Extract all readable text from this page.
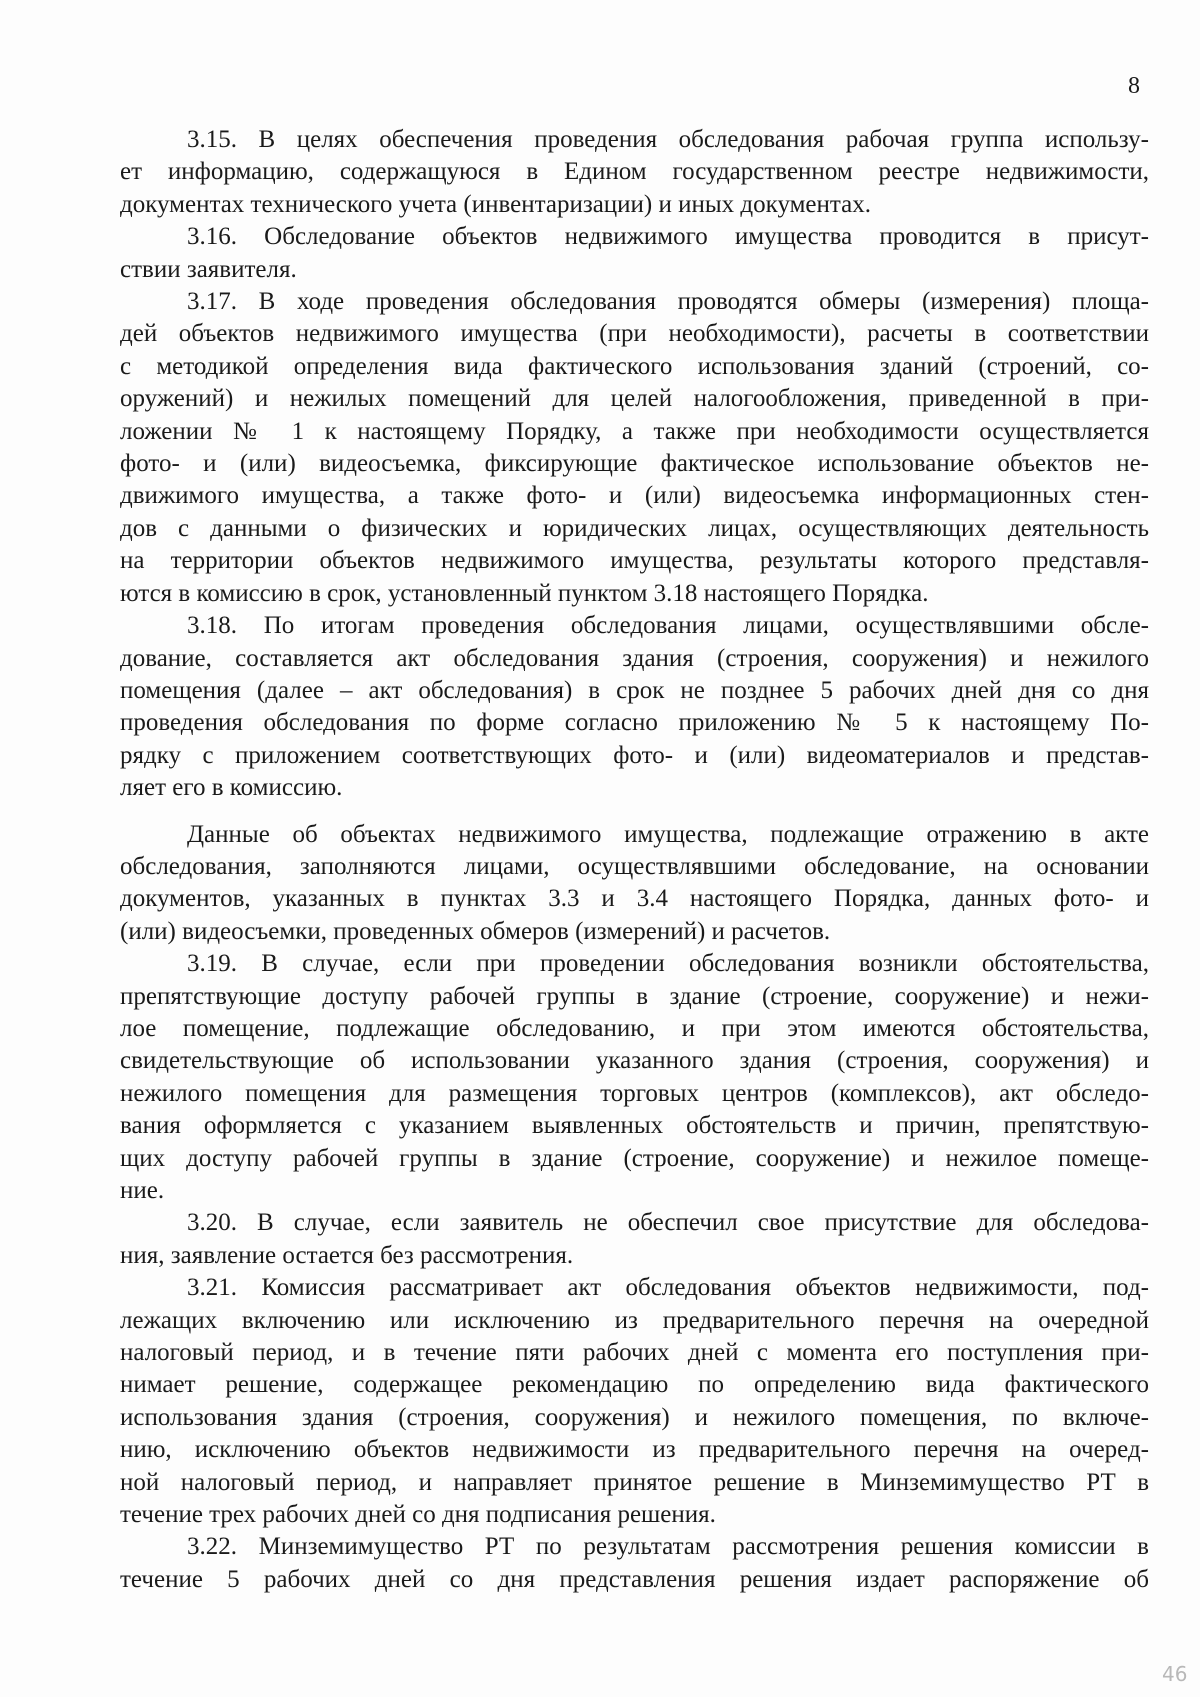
8
3.15. В целях обеспечения проведения обследования рабочая группа использу-
ет информацию, содержащуюся в Едином государственном реестре недвижимости,
документах технического учета (инвентаризации) и иных документах.
3.16. Обследование объектов недвижимого имущества проводится в присут-
ствии заявителя.
3.17. В ходе проведения обследования проводятся обмеры (измерения) площа-
дей объектов недвижимого имущества (при необходимости), расчеты в соответствии
с методикой определения вида фактического использования зданий (строений, со-
оружений) и нежилых помещений для целей налогообложения, приведенной в при-
ложении № 1 к настоящему Порядку, а также при необходимости осуществляется
фото- и (или) видеосъемка, фиксирующие фактическое использование объектов не-
движимого имущества, а также фото- и (или) видеосъемка информационных стен-
дов с данными о физических и юридических лицах, осуществляющих деятельность
на территории объектов недвижимого имущества, результаты которого представля-
ются в комиссию в срок, установленный пунктом 3.18 настоящего Порядка.
3.18. По итогам проведения обследования лицами, осуществлявшими обсле-
дование, составляется акт обследования здания (строения, сооружения) и нежилого
помещения (далее – акт обследования) в срок не позднее 5 рабочих дней дня со дня
проведения обследования по форме согласно приложению № 5 к настоящему По-
рядку с приложением соответствующих фото- и (или) видеоматериалов и представ-
ляет его в комиссию.
Данные об объектах недвижимого имущества, подлежащие отражению в акте
обследования, заполняются лицами, осуществлявшими обследование, на основании
документов, указанных в пунктах 3.3 и 3.4 настоящего Порядка, данных фото- и
(или) видеосъемки, проведенных обмеров (измерений) и расчетов.
3.19. В случае, если при проведении обследования возникли обстоятельства,
препятствующие доступу рабочей группы в здание (строение, сооружение) и нежи-
лое помещение, подлежащие обследованию, и при этом имеются обстоятельства,
свидетельствующие об использовании указанного здания (строения, сооружения) и
нежилого помещения для размещения торговых центров (комплексов), акт обследо-
вания оформляется с указанием выявленных обстоятельств и причин, препятствую-
щих доступу рабочей группы в здание (строение, сооружение) и нежилое помеще-
ние.
3.20. В случае, если заявитель не обеспечил свое присутствие для обследова-
ния, заявление остается без рассмотрения.
3.21. Комиссия рассматривает акт обследования объектов недвижимости, под-
лежащих включению или исключению из предварительного перечня на очередной
налоговый период, и в течение пяти рабочих дней с момента его поступления при-
нимает решение, содержащее рекомендацию по определению вида фактического
использования здания (строения, сооружения) и нежилого помещения, по включе-
нию, исключению объектов недвижимости из предварительного перечня на очеред-
ной налоговый период, и направляет принятое решение в Минземимущество РТ в
течение трех рабочих дней со дня подписания решения.
3.22. Минземимущество РТ по результатам рассмотрения решения комиссии в
течение 5 рабочих дней со дня представления решения издает распоряжение об
46
